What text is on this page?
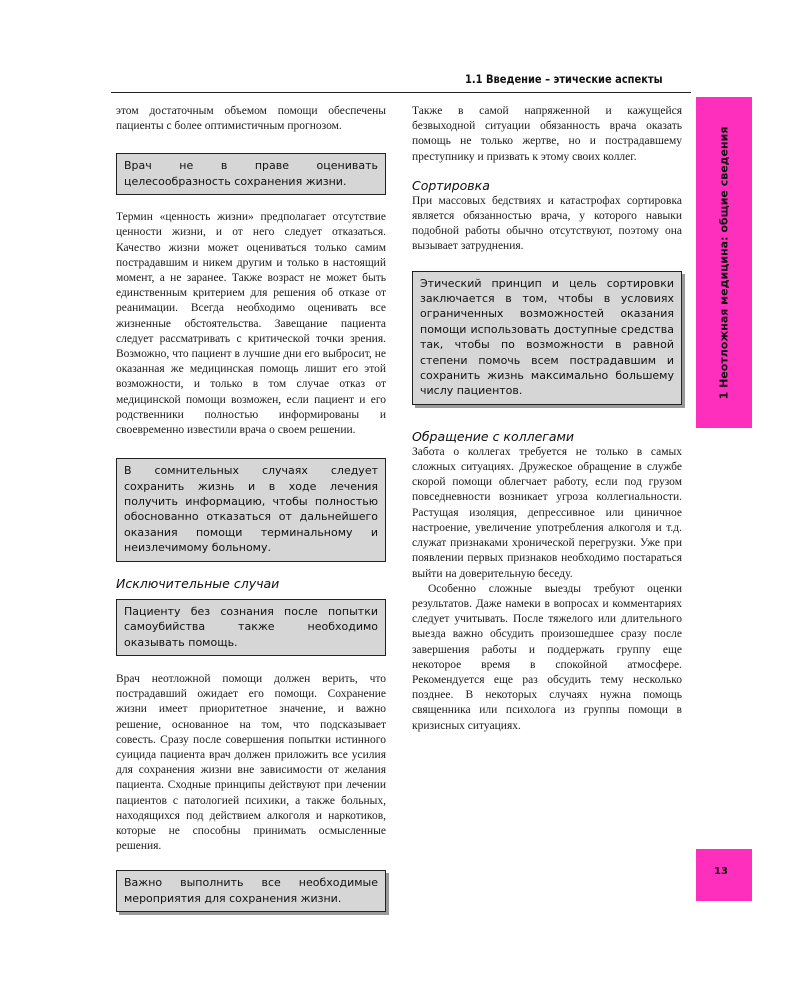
1.1 Введение – этические аспекты
1 Неотложная медицина: общие сведения
13

этом достаточным объемом помощи обеспечены пациенты с более оптимистичным прогнозом.

Врач не в праве оценивать целесообразность сохранения жизни.

Термин «ценность жизни» предполагает отсутствие ценности жизни, и от него следует отказаться. Качество жизни может оцениваться только самим пострадавшим и никем другим и только в настоящий момент, а не заранее. Также возраст не может быть единственным критерием для решения об отказе от реанимации. Всегда необходимо оценивать все жизненные обстоятельства. Завещание пациента следует рассматривать с критической точки зрения. Возможно, что пациент в лучшие дни его выбросит, не оказанная же медицинская помощь лишит его этой возможности, и только в том случае отказ от медицинской помощи возможен, если пациент и его родственники полностью информированы и своевременно известили врача о своем решении.

В сомнительных случаях следует сохранить жизнь и в ходе лечения получить информацию, чтобы полностью обоснованно отказаться от дальнейшего оказания помощи терминальному и неизлечимому больному.
Исключительные случаи
Пациенту без сознания после попытки самоубийства также необходимо оказывать помощь.

Врач неотложной помощи должен верить, что пострадавший ожидает его помощи. Сохранение жизни имеет приоритетное значение, и важно решение, основанное на том, что подсказывает совесть. Сразу после совершения попытки истинного суицида пациента врач должен приложить все усилия для сохранения жизни вне зависимости от желания пациента. Сходные принципы действуют при лечении пациентов с патологией психики, а также больных, находящихся под действием алкоголя и наркотиков, которые не способны принимать осмысленные решения.

Важно выполнить все необходимые мероприятия для сохранения жизни.

Также в самой напряженной и кажущейся безвыходной ситуации обязанность врача оказать помощь не только жертве, но и пострадавшему преступнику и призвать к этому своих коллег.

Сортировка

При массовых бедствиях и катастрофах сортировка является обязанностью врача, у которого навыки подобной работы обычно отсутствуют, поэтому она вызывает затруднения.

Этический принцип и цель сортировки заключается в том, чтобы в условиях ограниченных возможностей оказания помощи использовать доступные средства так, чтобы по возможности в равной степени помочь всем пострадавшим и сохранить жизнь максимально большему числу пациентов.
Обращение с коллегами

Забота о коллегах требуется не только в самых сложных ситуациях. Дружеское обращение в службе скорой помощи облегчает работу, если под грузом повседневности возникает угроза коллегиальности. Растущая изоляция, депрессивное или циничное настроение, увеличение употребления алкоголя и т.д. служат признаками хронической перегрузки. Уже при появлении первых признаков необходимо постараться выйти на доверительную беседу.

Особенно сложные выезды требуют оценки результатов. Даже намеки в вопросах и комментариях следует учитывать. После тяжелого или длительного выезда важно обсудить произошедшее сразу после завершения работы и поддержать группу еще некоторое время в спокойной атмосфере. Рекомендуется еще раз обсудить тему несколько позднее. В некоторых случаях нужна помощь священника или психолога из группы помощи в кризисных ситуациях.
